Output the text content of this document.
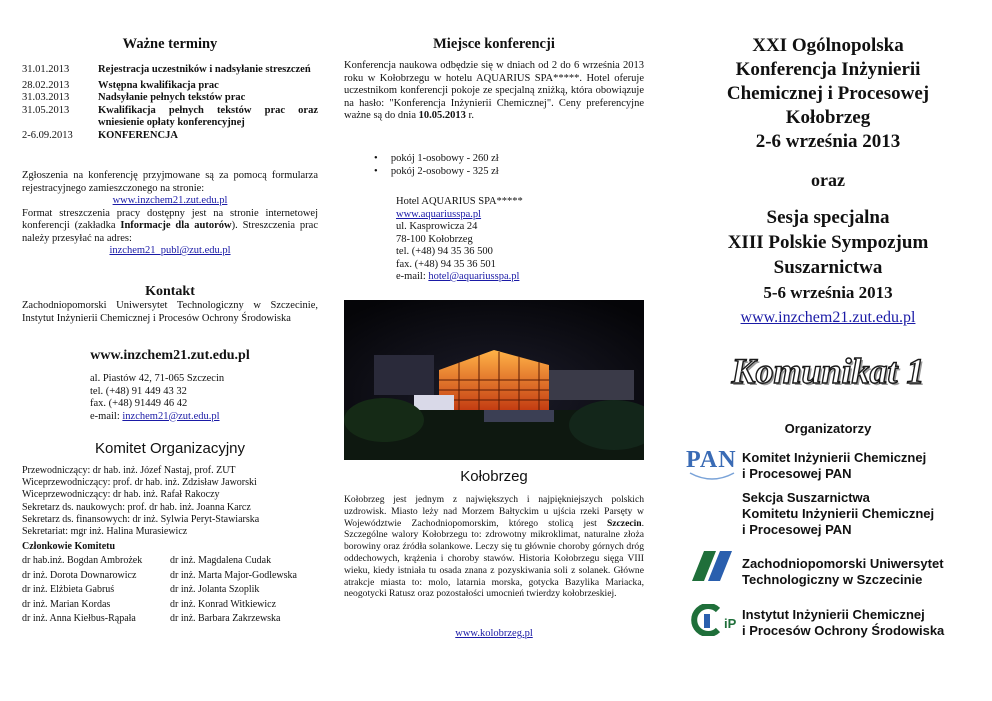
Ważne terminy
31.01.2013	Rejestracja uczestników i nadsyłanie streszczeń
28.02.2013	Wstępna kwalifikacja prac
31.03.2013	Nadsyłanie pełnych tekstów prac
31.05.2013	Kwalifikacja pełnych tekstów prac oraz wniesienie opłaty konferencyjnej
2-6.09.2013	KONFERENCJA
Zgłoszenia na konferencję przyjmowane są za pomocą formularza rejestracyjnego zamieszczonego na stronie:
www.inzchem21.zut.edu.pl
Format streszczenia pracy dostępny jest na stronie internetowej konferencji (zakładka Informacje dla autorów). Streszczenia prac należy przesyłać na adres:
inzchem21_publ@zut.edu.pl
Kontakt
Zachodniopomorski Uniwersytet Technologiczny w Szczecinie, Instytut Inżynierii Chemicznej i Procesów Ochrony Środowiska
www.inzchem21.zut.edu.pl
al. Piastów 42, 71-065 Szczecin
tel. (+48) 91 449 43 32
fax. (+48) 91449 46 42
e-mail: inzchem21@zut.edu.pl
Komitet Organizacyjny
Przewodniczący: dr hab. inż. Józef Nastaj, prof. ZUT
Wiceprzewodniczący: prof. dr hab. inż. Zdzisław Jaworski
Wiceprzewodniczący: dr hab. inż. Rafał Rakoczy
Sekretarz ds. naukowych: prof. dr hab. inż. Joanna Karcz
Sekretarz ds. finansowych: dr inż. Sylwia Peryt-Stawiarska
Sekretariat: mgr inż. Halina Murasiewicz
Członkowie Komitetu
dr hab.inż. Bogdan Ambrożek
dr inż. Dorota Downarowicz
dr inż. Elżbieta Gabruś
dr inż. Marian Kordas
dr inż. Anna Kiełbus-Rąpała
dr inż. Magdalena Cudak
dr inż. Marta Major-Godlewska
dr inż. Jolanta Szoplik
dr inż. Konrad Witkiewicz
dr inż. Barbara Zakrzewska
Miejsce konferencji
Konferencja naukowa odbędzie się w dniach od 2 do 6 września 2013 roku w Kołobrzegu w hotelu AQUARIUS SPA*****. Hotel oferuje uczestnikom konferencji pokoje ze specjalną zniżką, która obowiązuje na hasło: "Konferencja Inżynierii Chemicznej". Ceny preferencyjne ważne są do dnia 10.05.2013 r.
•     pokój 1-osobowy - 260 zł
•     pokój 2-osobowy - 325 zł
Hotel AQUARIUS SPA*****
www.aquariusspa.pl
ul. Kasprowicza 24
78-100 Kołobrzeg
tel. (+48) 94 35 36 500
fax. (+48) 94 35 36 501
e-mail: hotel@aquariusspa.pl
Kołobrzeg
Kołobrzeg jest jednym z największych i najpiękniejszych polskich uzdrowisk. Miasto leży nad Morzem Bałtyckim u ujścia rzeki Parsęty w Województwie Zachodniopomorskim, którego stolicą jest Szczecin. Szczególne walory Kołobrzegu to: zdrowotny mikroklimat, naturalne złoża borowiny oraz źródła solankowe. Leczy się tu głównie choroby górnych dróg oddechowych, krążenia i choroby stawów. Historia Kołobrzegu sięga VIII wieku, kiedy istniała tu osada znana z pozyskiwania soli z solanek. Główne atrakcje miasta to: molo, latarnia morska, gotycka Bazylika Mariacka, neogotycki Ratusz oraz pozostałości umocnień twierdzy kołobrzeskiej.
www.kolobrzeg.pl
XXI Ogólnopolska
Konferencja Inżynierii
Chemicznej i Procesowej
Kołobrzeg
2-6 września 2013
oraz
Sesja specjalna
XIII Polskie Sympozjum
Suszarnictwa
5-6 września 2013
www.inzchem21.zut.edu.pl
Komunikat 1
Organizatorzy
PAN Komitet Inżynierii Chemicznej
i Procesowej PAN
Sekcja Suszarnictwa
Komitetu Inżynierii Chemicznej
i Procesowej PAN
Zachodniopomorski Uniwersytet
Technologiczny w Szczecinie
iP
Instytut Inżynierii Chemicznej
i Procesów Ochrony Środowiska
